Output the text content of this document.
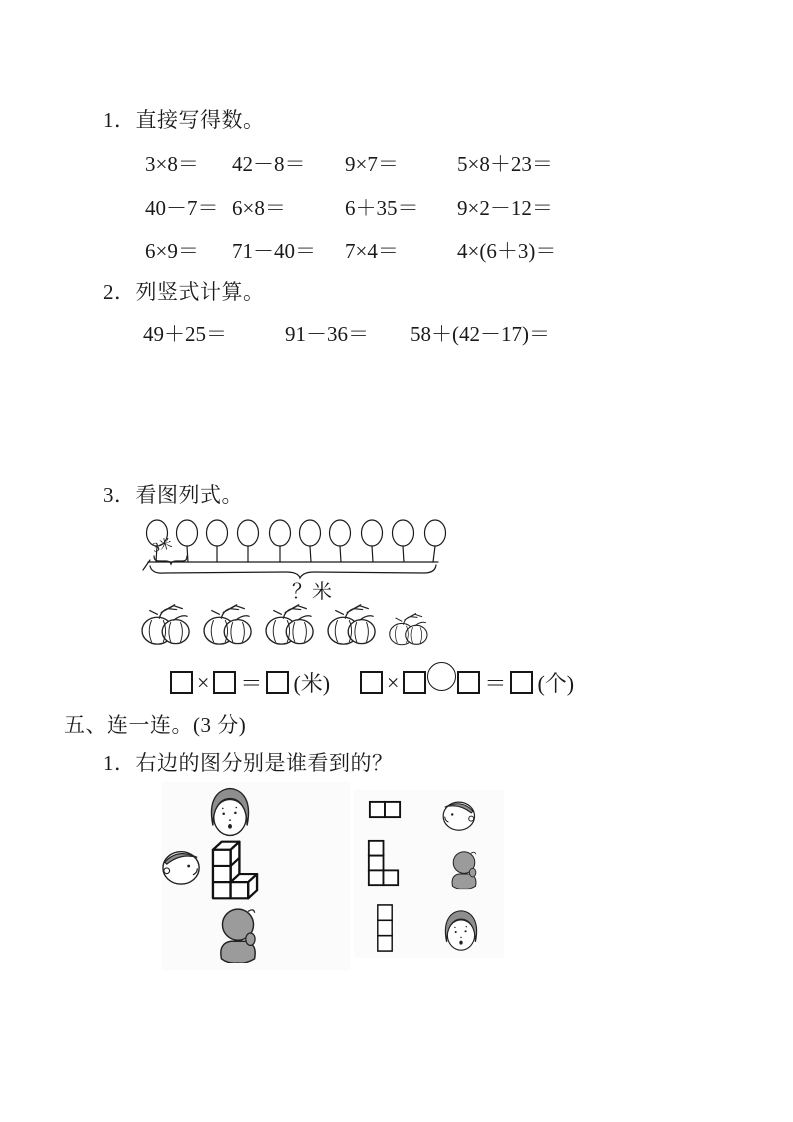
1．直接写得数。
3×8＝ 42－8＝ 9×7＝	5×8＋23＝
40－7＝ 6×8＝	6＋35＝ 9×2－12＝
6×9＝ 71－40＝ 7×4＝	4×(6＋3)＝
2．列竖式计算。
49＋25＝	91－36＝ 58＋(42－17)＝
3．看图列式。
3米
？米
× ＝ (米)	×	＝ (个)
五、连一连。(3 分)
1．右边的图分别是谁看到的？
